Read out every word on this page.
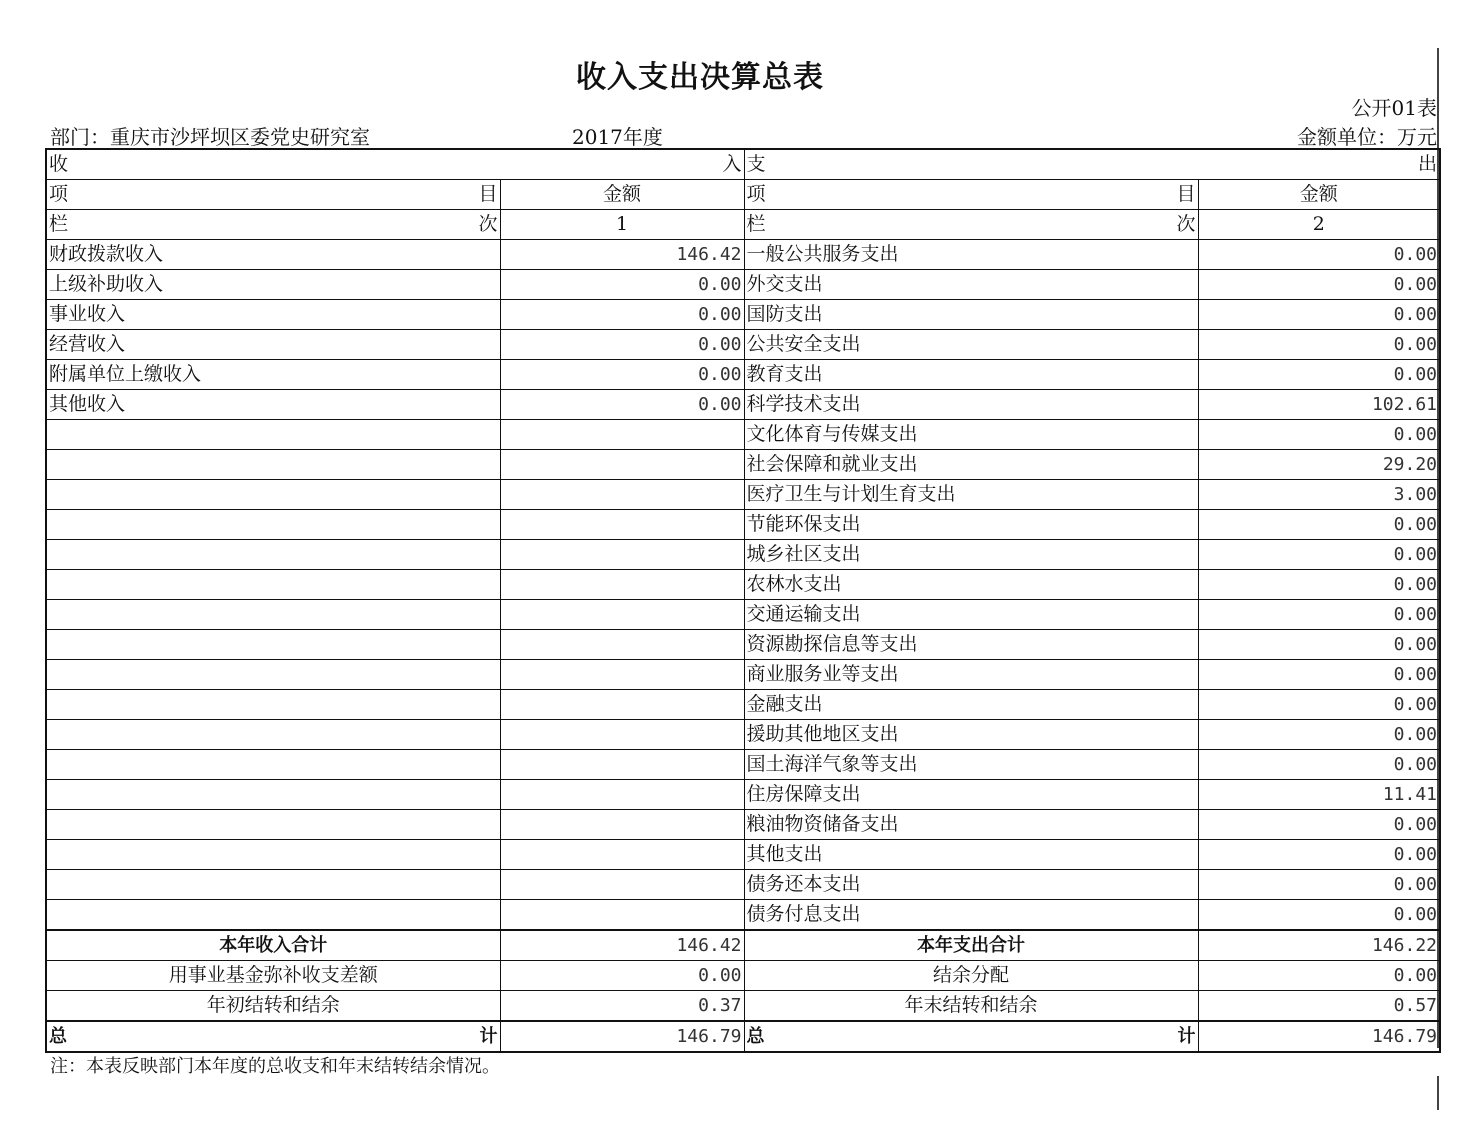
收入支出决算总表
公开01表
部门：重庆市沙坪坝区委党史研究室	2017年度	金额单位：万元
收 入		支 出	

项 目	金额	项 目	金额

栏 次	1	栏 次	2
财政拨款收入	146.42	一般公共服务支出	0.00
上级补助收入	0.00	外交支出	0.00
事业收入	0.00	国防支出	0.00
经营收入	0.00	公共安全支出	0.00
附属单位上缴收入	0.00	教育支出	0.00
其他收入	0.00	科学技术支出	102.61
		文化体育与传媒支出	0.00
		社会保障和就业支出	29.20
		医疗卫生与计划生育支出	3.00
		节能环保支出	0.00
		城乡社区支出	0.00
		农林水支出	0.00
		交通运输支出	0.00
		资源勘探信息等支出	0.00
		商业服务业等支出	0.00
		金融支出	0.00
		援助其他地区支出	0.00
		国土海洋气象等支出	0.00
		住房保障支出	11.41
		粮油物资储备支出	0.00
		其他支出	0.00
		债务还本支出	0.00
		债务付息支出	0.00
本年收入合计	146.42	本年支出合计	146.22
用事业基金弥补收支差额	0.00	结余分配	0.00
年初结转和结余	0.37	年末结转和结余	0.57

总 计	146.79	总 计	146.79
注：本表反映部门本年度的总收支和年末结转结余情况。
